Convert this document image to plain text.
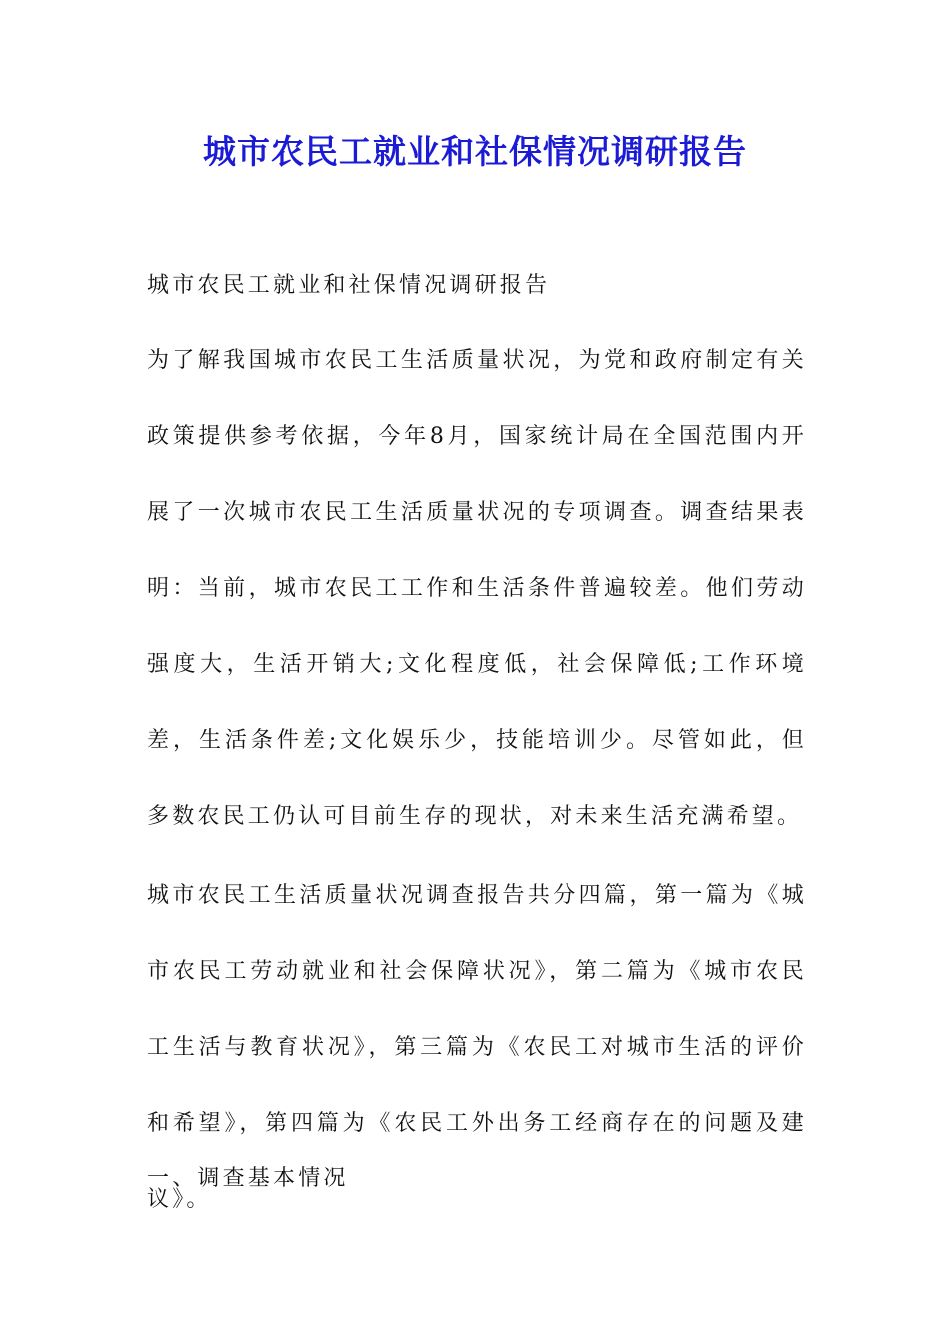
城市农民工就业和社保情况调研报告

城市农民工就业和社保情况调研报告

为了解我国城市农民工生活质量状况，为党和政府制定有关政策提供参考依据，今年8月，国家统计局在全国范围内开展了一次城市农民工生活质量状况的专项调查。调查结果表明：当前，城市农民工工作和生活条件普遍较差。他们劳动强度大，生活开销大;文化程度低，社会保障低;工作环境差，生活条件差;文化娱乐少，技能培训少。尽管如此，但多数农民工仍认可目前生存的现状，对未来生活充满希望。

城市农民工生活质量状况调查报告共分四篇，第一篇为《城市农民工劳动就业和社会保障状况》，第二篇为《城市农民工生活与教育状况》，第三篇为《农民工对城市生活的评价和希望》，第四篇为《农民工外出务工经商存在的问题及建议》。

一、调查基本情况
